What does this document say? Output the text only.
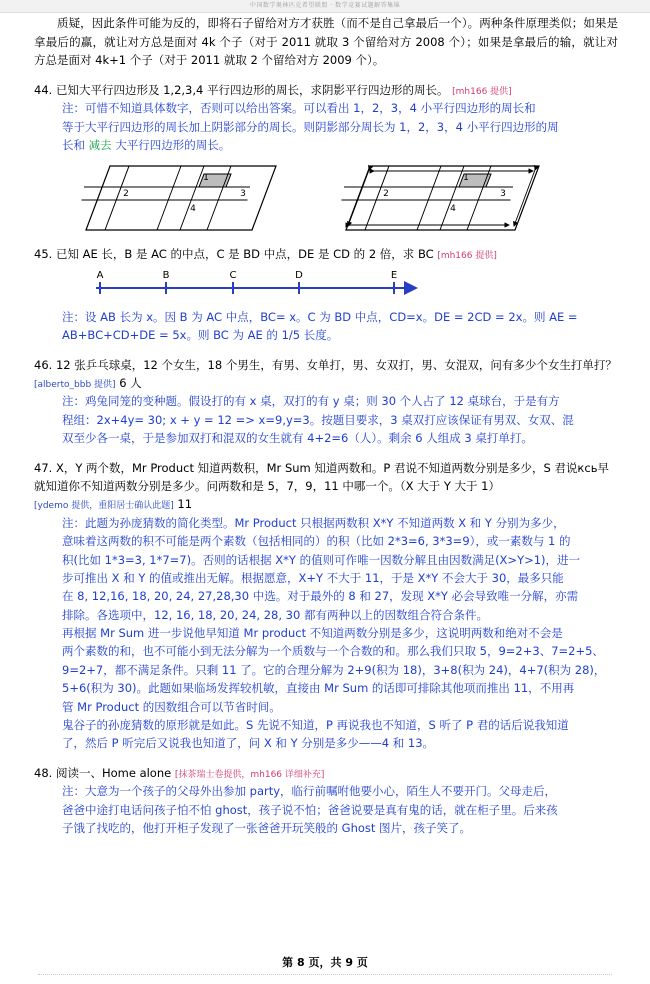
中国数学奥林匹克希望联盟 · 数学竞赛试题解答集锦

质疑，因此条件可能为反的，即将石子留给对方才获胜（而不是自己拿最后一个）。两种条件原理类似；如果是拿最后的赢，就让对方总是面对 4k 个子（对于 2011 就取 3 个留给对方 2008 个）；如果是拿最后的输，就让对方总是面对 4k+1 个子（对于 2011 就取 2 个留给对方 2009 个）。

44. 已知大平行四边形及 1,2,3,4 平行四边形的周长，求阴影平行四边形的周长。 [mh166 提供]
注：可惜不知道具体数字，否则可以给出答案。可以看出 1，2，3，4 小平行四边形的周长和
等于大平行四边形的周长加上阴影部分的周长。则阴影部分周长为 1，2，3，4 小平行四边形的周
长和 减去 大平行四边形的周长。
2
1
3
4
2
1
3
4
45. 已知 AE 长，B 是 AC 的中点，C 是 BD 中点，DE 是 CD 的 2 倍，求 BC [mh166 提供]
A	B	C	D	E
注：设 AB 长为 x。因 B 为 AC 中点，BC= x。C 为 BD 中点，CD=x。DE = 2CD = 2x。则 AE =
AB+BC+CD+DE = 5x。则 BC 为 AE 的 1/5 长度。
46. 12 张乒乓球桌，12 个女生，18 个男生，有男、女单打，男、女双打，男、女混双，问有多少个女生打单打？ [alberto_bbb 提供] 6 人
注：鸡兔同笼的变种题。假设打的有 x 桌，双打的有 y 桌；则 30 个人占了 12 桌球台，于是有方
程组：2x+4y= 30; x + y = 12 => x=9,y=3。按题目要求，3 桌双打应该保证有男双、女双、混
双至少各一桌，于是参加双打和混双的女生就有 4+2=6（人）。剩余 6 人组成 3 桌打单打。
47. X，Y 两个数，Mr Product 知道两数积，Mr Sum 知道两数和。P 君说不知道两数分别是多少，S 君说ксь早就知道你不知道两数分别是多少。问两数和是 5，7，9，11 中哪一个。（X 大于 Y 大于 1）
[ydemo 提供，重阳居士确认此题] 11
注：此题为孙庞猜数的简化类型。Mr Product 只根据两数积 X*Y 不知道两数 X 和 Y 分别为多少，
意味着这两数的积不可能是两个素数（包括相同的）的积（比如 2*3=6, 3*3=9），或一素数与 1 的
积(比如 1*3=3, 1*7=7)。否则的话根据 X*Y 的值则可作唯一因数分解且由因数满足(X>Y>1)，进一
步可推出 X 和 Y 的值或推出无解。根据愿意，X+Y 不大于 11，于是 X*Y 不会大于 30，最多只能
在 8, 12,16, 18, 20, 24, 27,28,30 中选。对于最外的 8 和 27，发现 X*Y 必会导致唯一分解，亦需
排除。各选项中，12, 16, 18, 20, 24, 28, 30 都有两种以上的因数组合符合条件。
再根据 Mr Sum 进一步说他早知道 Mr product 不知道两数分别是多少，这说明两数和绝对不会是
两个素数的和，也不可能小到无法分解为一个质数与一个合数的和。那么我们只取 5，9=2+3、7=2+5、
9=2+7，都不满足条件。只剩 11 了。它的合理分解为 2+9(积为 18)，3+8(积为 24)，4+7(积为 28)，
5+6(积为 30)。此题如果临场发挥较机敏，直接由 Mr Sum 的话即可排除其他项而推出 11，不用再
管 Mr Product 的因数组合可以节省时间。
鬼谷子的孙庞猜数的原形就是如此。S 先说不知道，P 再说我也不知道，S 听了 P 君的话后说我知道
了，然后 P 听完后又说我也知道了，问 X 和 Y 分别是多少——4 和 13。
48. 阅读一、Home alone [抹茶瑞士卷提供，mh166 详细补充]
注：大意为一个孩子的父母外出参加 party，临行前嘱咐他要小心，陌生人不要开门。父母走后，
爸爸中途打电话问孩子怕不怕 ghost，孩子说不怕；爸爸说要是真有鬼的话，就在柜子里。后来孩
子饿了找吃的，他打开柜子发现了一张爸爸开玩笑般的 Ghost 图片，孩子笑了。
第 8 页，共 9 页
